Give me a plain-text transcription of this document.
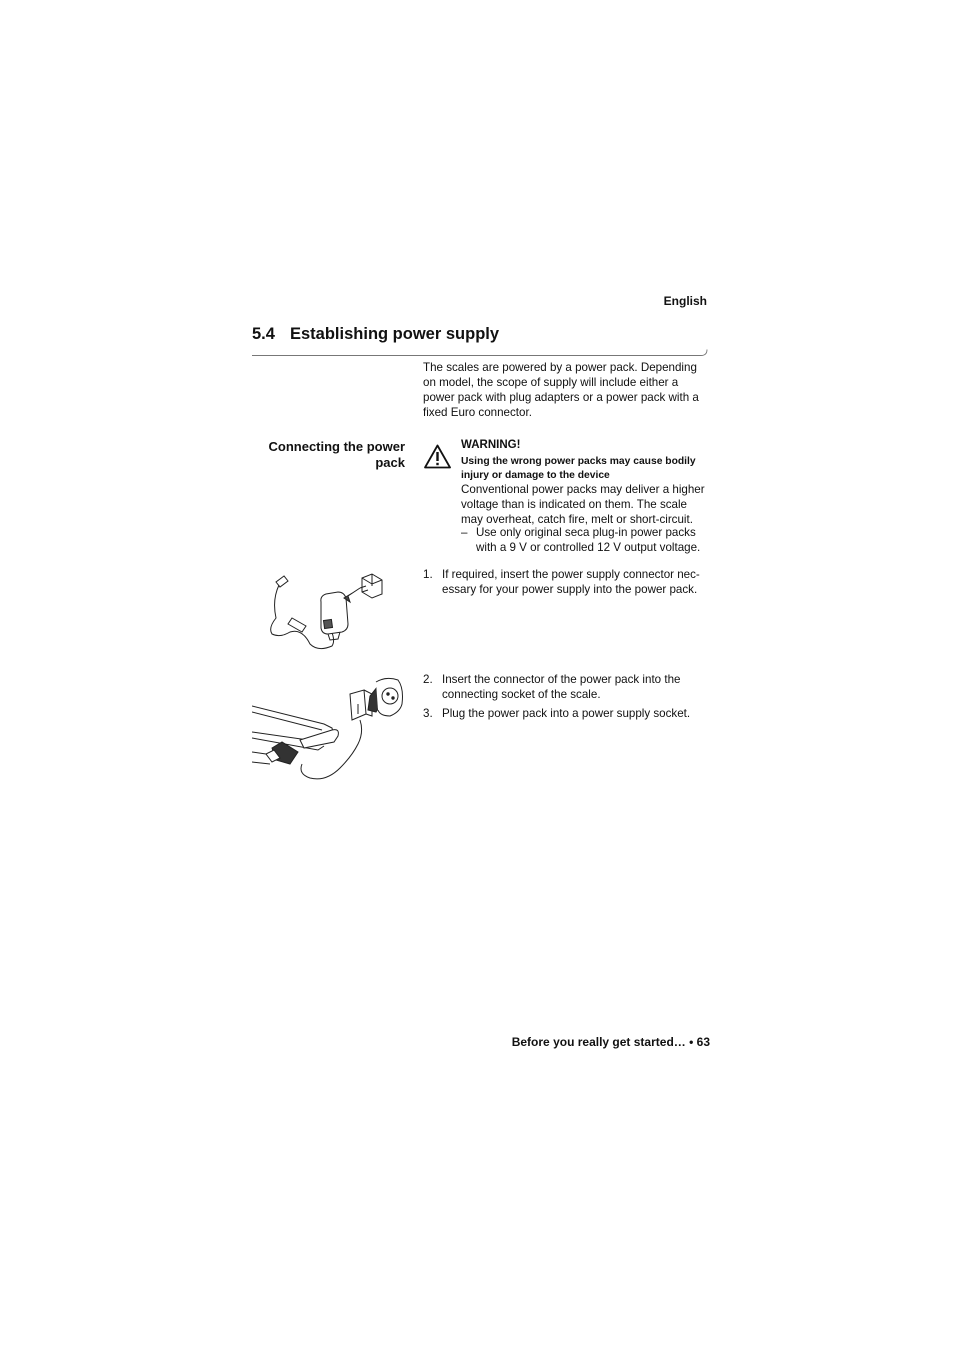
English
5.4 Establishing power supply
The scales are powered by a power pack. Depending on model, the scope of supply will include either a power pack with plug adapters or a power pack with a fixed Euro connector.
Connecting the power pack
WARNING!
Using the wrong power packs may cause bodily injury or damage to the device
Conventional power packs may deliver a higher voltage than is indicated on them. The scale may overheat, catch fire, melt or short-circuit.
– Use only original seca plug-in power packs with a 9 V or controlled 12 V output voltage.
1. If required, insert the power supply connector nec-essary for your power supply into the power pack.
2. Insert the connector of the power pack into the connecting socket of the scale.
3. Plug the power pack into a power supply socket.
Before you really get started… • 63
